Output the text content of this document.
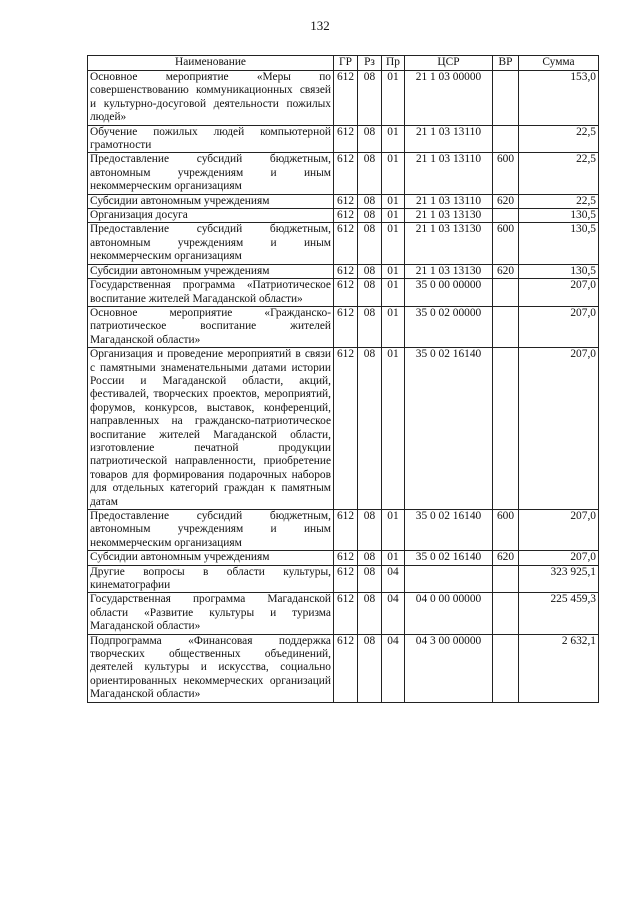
132
Наименование	ГР	Рз	Пр	ЦСР	ВР	Сумма
Основное мероприятие «Меры по совершенствованию коммуникационных связей и культурно-досуговой деятельности пожилых людей»	612	08	01	21 1 03 00000		153,0
Обучение пожилых людей компьютерной грамотности	612	08	01	21 1 03 13110		22,5
Предоставление субсидий бюджетным, автономным учреждениям и иным некоммерческим организациям	612	08	01	21 1 03 13110	600	22,5
Субсидии автономным учреждениям	612	08	01	21 1 03 13110	620	22,5
Организация досуга	612	08	01	21 1 03 13130		130,5
Предоставление субсидий бюджетным, автономным учреждениям и иным некоммерческим организациям	612	08	01	21 1 03 13130	600	130,5
Субсидии автономным учреждениям	612	08	01	21 1 03 13130	620	130,5
Государственная программа «Патриотическое воспитание жителей Магаданской области»	612	08	01	35 0 00 00000		207,0
Основное мероприятие «Гражданско-патриотическое воспитание жителей Магаданской области»	612	08	01	35 0 02 00000		207,0
Организация и проведение мероприятий в связи с памятными знаменательными датами истории России и Магаданской области, акций, фестивалей, творческих проектов, мероприятий, форумов, конкурсов, выставок, конференций, направленных на гражданско-патриотическое воспитание жителей Магаданской области, изготовление печатной продукции патриотической направленности, приобретение товаров для формирования подарочных наборов для отдельных категорий граждан к памятным датам	612	08	01	35 0 02 16140		207,0
Предоставление субсидий бюджетным, автономным учреждениям и иным некоммерческим организациям	612	08	01	35 0 02 16140	600	207,0
Субсидии автономным учреждениям	612	08	01	35 0 02 16140	620	207,0
Другие вопросы в области культуры, кинематографии	612	08	04			323 925,1
Государственная программа Магаданской области «Развитие культуры и туризма Магаданской области»	612	08	04	04 0 00 00000		225 459,3
Подпрограмма «Финансовая поддержка творческих общественных объединений, деятелей культуры и искусства, социально ориентированных некоммерческих организаций Магаданской области»	612	08	04	04 3 00 00000		2 632,1
